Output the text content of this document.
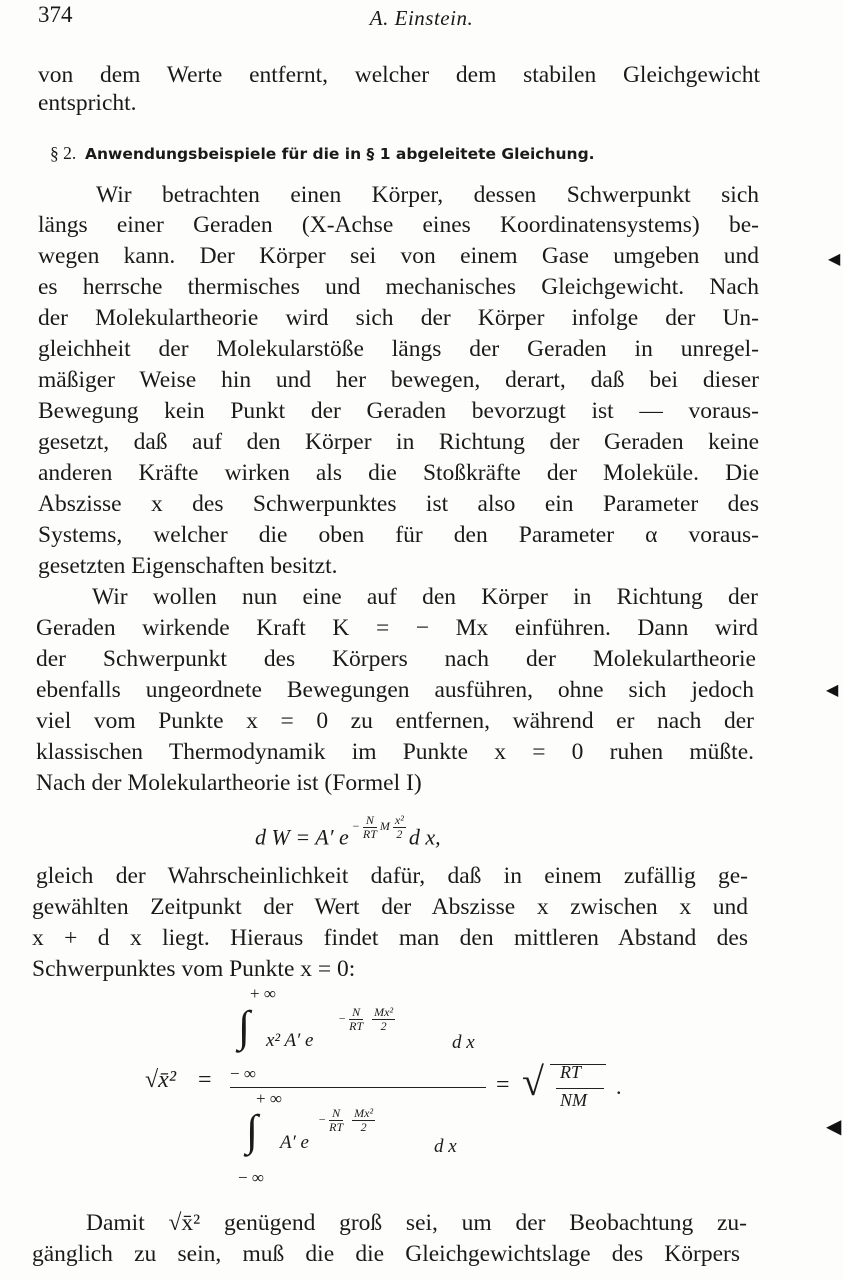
374	A. Einstein.
von dem Werte entfernt, welcher dem stabilen Gleichgewicht
entspricht.
§ 2. Anwendungsbeispiele für die in § 1 abgeleitete Gleichung.
Wir betrachten einen Körper, dessen Schwerpunkt sich
längs einer Geraden (X-Achse eines Koordinatensystems) be-
wegen kann. Der Körper sei von einem Gase umgeben und
es herrsche thermisches und mechanisches Gleichgewicht. Nach
der Molekulartheorie wird sich der Körper infolge der Un-
gleichheit der Molekularstöße längs der Geraden in unregel-
mäßiger Weise hin und her bewegen, derart, daß bei dieser
Bewegung kein Punkt der Geraden bevorzugt ist — voraus-
gesetzt, daß auf den Körper in Richtung der Geraden keine
anderen Kräfte wirken als die Stoßkräfte der Moleküle. Die
Abszisse x des Schwerpunktes ist also ein Parameter des
Systems, welcher die oben für den Parameter α voraus-
gesetzten Eigenschaften besitzt.
Wir wollen nun eine auf den Körper in Richtung der
Geraden wirkende Kraft K = − Mx einführen. Dann wird
der Schwerpunkt des Körpers nach der Molekulartheorie
ebenfalls ungeordnete Bewegungen ausführen, ohne sich jedoch
viel vom Punkte x = 0 zu entfernen, während er nach der
klassischen Thermodynamik im Punkte x = 0 ruhen müßte.
Nach der Molekulartheorie ist (Formel I)
d W = A′ e $^{- \frac{N}{RT} M \frac{\text{x²}}{2}}$ d x,
gleich der Wahrscheinlichkeit dafür, daß in einem zufällig ge-
gewählten Zeitpunkt der Wert der Abszisse x zwischen x und
x + d x liegt. Hieraus findet man den mittleren Abstand des
Schwerpunktes vom Punkte x = 0:
√x̄² =
+ ∞
∫ x² A′ e
− $\frac{N}{RT}$
$\frac{\text{Mx²}}{2}$
d x
− ∞
+ ∞
∫ A′ e
− $\frac{N}{RT}$
$\frac{\text{Mx²}}{2}$
d x
− ∞
= √ RT
NM
.
Damit √x̄² genügend groß sei, um der Beobachtung zu-
gänglich zu sein, muß die die Gleichgewichtslage des Körpers
◀
◀
◀
